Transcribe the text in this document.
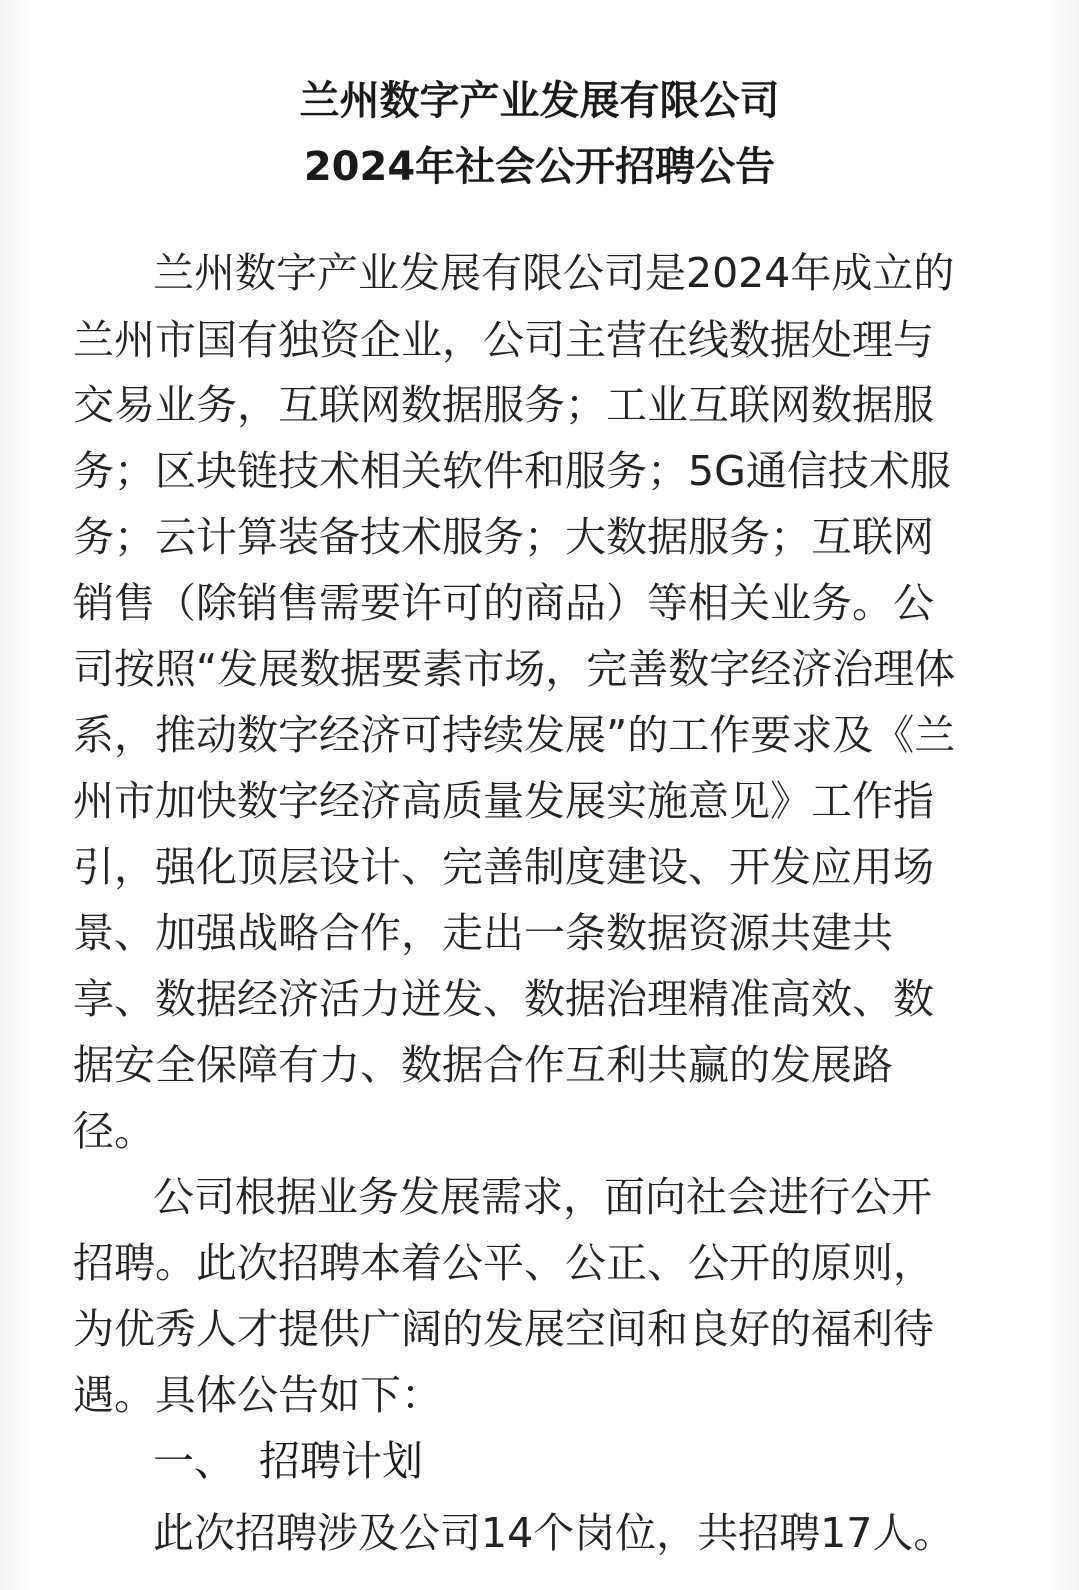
兰州数字产业发展有限公司
2024年社会公开招聘公告
兰州数字产业发展有限公司是2024年成立的
兰州市国有独资企业，公司主营在线数据处理与
交易业务，互联网数据服务；工业互联网数据服
务；区块链技术相关软件和服务；5G通信技术服
务；云计算装备技术服务；大数据服务；互联网
销售（除销售需要许可的商品）等相关业务。公
司按照“发展数据要素市场，完善数字经济治理体
系，推动数字经济可持续发展”的工作要求及《兰
州市加快数字经济高质量发展实施意见》工作指
引，强化顶层设计、完善制度建设、开发应用场
景、加强战略合作，走出一条数据资源共建共
享、数据经济活力迸发、数据治理精准高效、数
据安全保障有力、数据合作互利共赢的发展路
径。
公司根据业务发展需求，面向社会进行公开
招聘。此次招聘本着公平、公正、公开的原则，
为优秀人才提供广阔的发展空间和良好的福利待
遇。具体公告如下：
一、 招聘计划
此次招聘涉及公司14个岗位，共招聘17人。
